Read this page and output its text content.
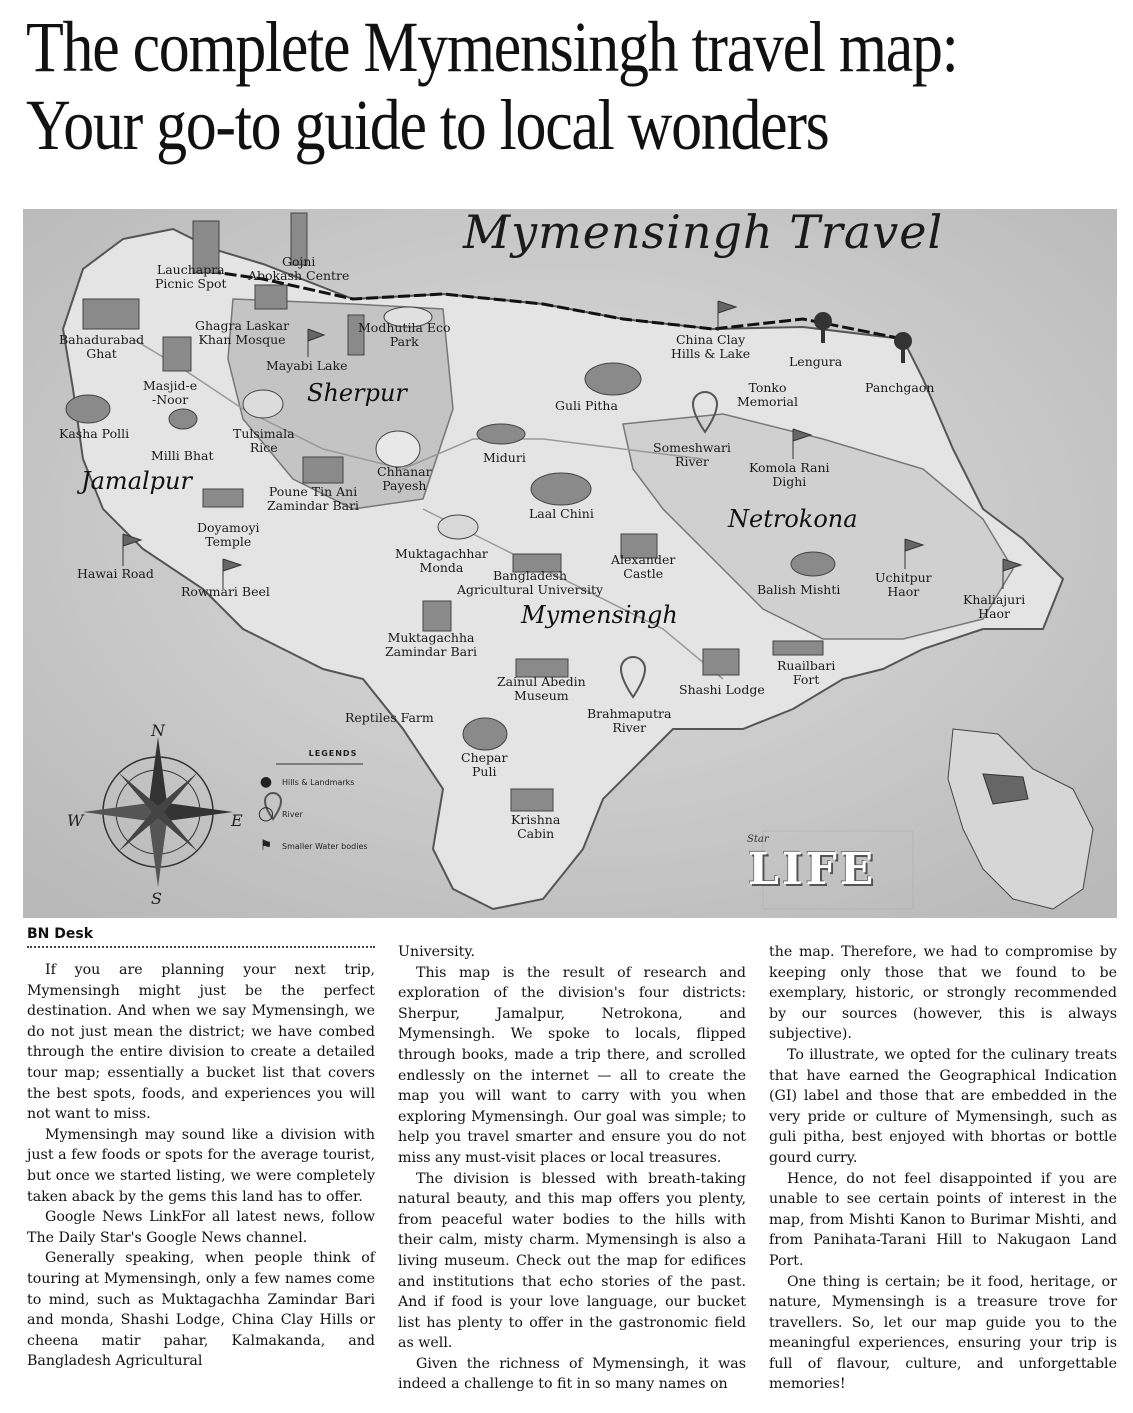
The complete Mymensingh travel map:
Your go-to guide to local wonders
Mymensingh Travel
Sherpur
Jamalpur
Netrokona
Mymensingh
Lauchapra
Picnic Spot
Gojni
Abokash Centre
Bahadurabad
Ghat
Ghagra Laskar
Khan Mosque
Modhutila Eco
Park
Mayabi Lake
Masjid-e
-Noor
Kasha Polli	Tulsimala
Rice
Milli Bhat
Chhanar
Payesh
Poune Tin Ani
Zamindar Bari
Doyamoyi
Temple
Hawai Road
Rowmari Beel
China Clay
Hills & Lake
Lengura
Panchgaon
Tonko
Memorial
Guli Pitha
Someshwari
River
Miduri
Komola Rani
Dighi
Laal Chini
Muktagachhar
Monda
Bangladesh
Agricultural University
Alexander
Castle
Balish Mishti
Uchitpur
Haor
Khaliajuri
Haor
Muktagachha
Zamindar Bari
Zainul Abedin
Museum	Shashi Lodge
Ruailbari
Fort
Reptiles Farm	Brahmaputra
River
Chepar
Puli
Krishna
Cabin
LEGENDS
● Hills & Landmarks
◯ River
⚑ Smaller Water bodies
N
E
W
S
Star
LIFE
BN Desk

If you are planning your next trip, Mymensingh might just be the perfect destination. And when we say Mymensingh, we do not just mean the district; we have combed through the entire division to create a detailed tour map; essentially a bucket list that covers the best spots, foods, and experiences you will not want to miss.

Mymensingh may sound like a division with just a few foods or spots for the average tourist, but once we started listing, we were completely taken aback by the gems this land has to offer.

Google News LinkFor all latest news, follow The Daily Star's Google News channel.

Generally speaking, when people think of touring at Mymensingh, only a few names come to mind, such as Muktagachha Zamindar Bari and monda, Shashi Lodge, China Clay Hills or cheena matir pahar, Kalmakanda, and Bangladesh Agricultural

University.

This map is the result of research and exploration of the division's four districts: Sherpur, Jamalpur, Netrokona, and Mymensingh. We spoke to locals, flipped through books, made a trip there, and scrolled endlessly on the internet — all to create the map you will want to carry with you when exploring Mymensingh. Our goal was simple; to help you travel smarter and ensure you do not miss any must-visit places or local treasures.

The division is blessed with breath-taking natural beauty, and this map offers you plenty, from peaceful water bodies to the hills with their calm, misty charm. Mymensingh is also a living museum. Check out the map for edifices and institutions that echo stories of the past. And if food is your love language, our bucket list has plenty to offer in the gastronomic field as well.

Given the richness of Mymensingh, it was indeed a challenge to fit in so many names on

the map. Therefore, we had to compromise by keeping only those that we found to be exemplary, historic, or strongly recommended by our sources (however, this is always subjective).

To illustrate, we opted for the culinary treats that have earned the Geographical Indication (GI) label and those that are embedded in the very pride or culture of Mymensingh, such as guli pitha, best enjoyed with bhortas or bottle gourd curry.

Hence, do not feel disappointed if you are unable to see certain points of interest in the map, from Mishti Kanon to Burimar Mishti, and from Panihata-Tarani Hill to Nakugaon Land Port.

One thing is certain; be it food, heritage, or nature, Mymensingh is a treasure trove for travellers. So, let our map guide you to the meaningful experiences, ensuring your trip is full of flavour, culture, and unforgettable memories!
